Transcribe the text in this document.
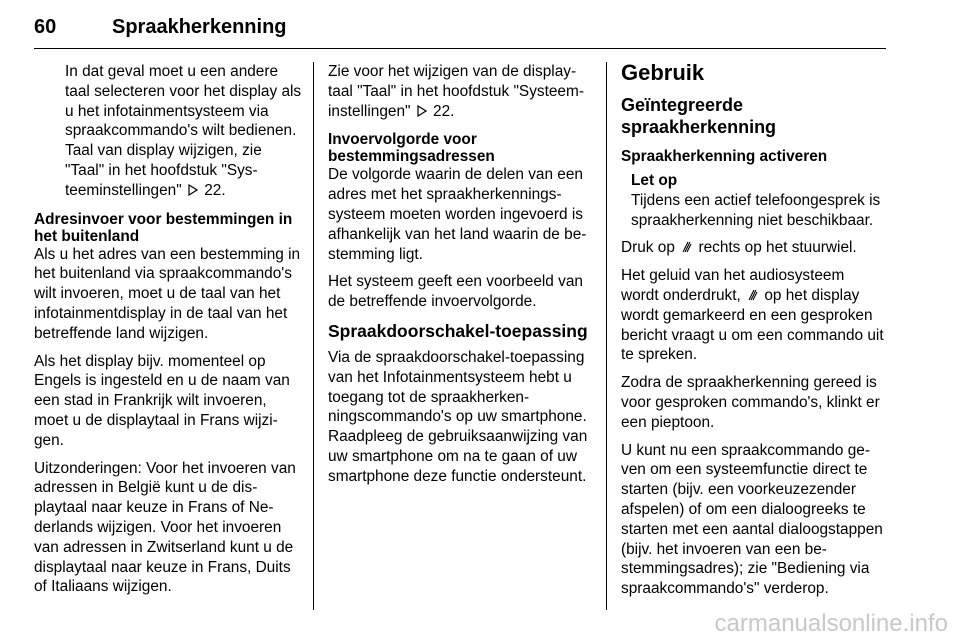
60	Spraakherkenning

In dat geval moet u een andere taal selecteren voor het display als u het infotainmentsysteem via spraakcommando's wilt bedienen. Taal van display wijzigen, zie "Taal" in het hoofdstuk "Systeeminstellingen" 22.

Adresinvoer voor bestemmingen in het buitenland

Als u het adres van een bestemming in het buitenland via spraakcommando's wilt invoeren, moet u de taal van het infotainmentdisplay in de taal van het betreffende land wijzigen.

Als het display bijv. momenteel op Engels is ingesteld en u de naam van een stad in Frankrijk wilt invoeren, moet u de displaytaal in Frans wijzigen.

Uitzonderingen: Voor het invoeren van adressen in België kunt u de displaytaal naar keuze in Frans of Nederlands wijzigen. Voor het invoeren van adressen in Zwitserland kunt u de displaytaal naar keuze in Frans, Duits of Italiaans wijzigen.

Zie voor het wijzigen van de displaytaal "Taal" in het hoofdstuk "Systeeminstellingen" 22.

Invoervolgorde voor bestemmingsadressen

De volgorde waarin de delen van een adres met het spraakherkenningssysteem moeten worden ingevoerd is afhankelijk van het land waarin de bestemming ligt.

Het systeem geeft een voorbeeld van de betreffende invoervolgorde.

Spraakdoorschakel-toepassing

Via de spraakdoorschakel-toepassing van het Infotainmentsysteem hebt u toegang tot de spraakherkenningscommando's op uw smartphone. Raadpleeg de gebruiksaanwijzing van uw smartphone om na te gaan of uw smartphone deze functie ondersteunt.

Gebruik
Geïntegreerde spraakherkenning
Spraakherkenning activeren

Let op

Tijdens een actief telefoongesprek is spraakherkenning niet beschikbaar.

Druk op rechts op het stuurwiel.

Het geluid van het audiosysteem wordt onderdrukt, op het display wordt gemarkeerd en een gesproken bericht vraagt u om een commando uit te spreken.

Zodra de spraakherkenning gereed is voor gesproken commando's, klinkt er een pieptoon.

U kunt nu een spraakcommando geven om een systeemfunctie direct te starten (bijv. een voorkeuzezender afspelen) of om een dialoogreeks te starten met een aantal dialoogstappen (bijv. het invoeren van een bestemmingsadres); zie "Bediening via spraakcommando's" verderop.

carmanualsonline.info
